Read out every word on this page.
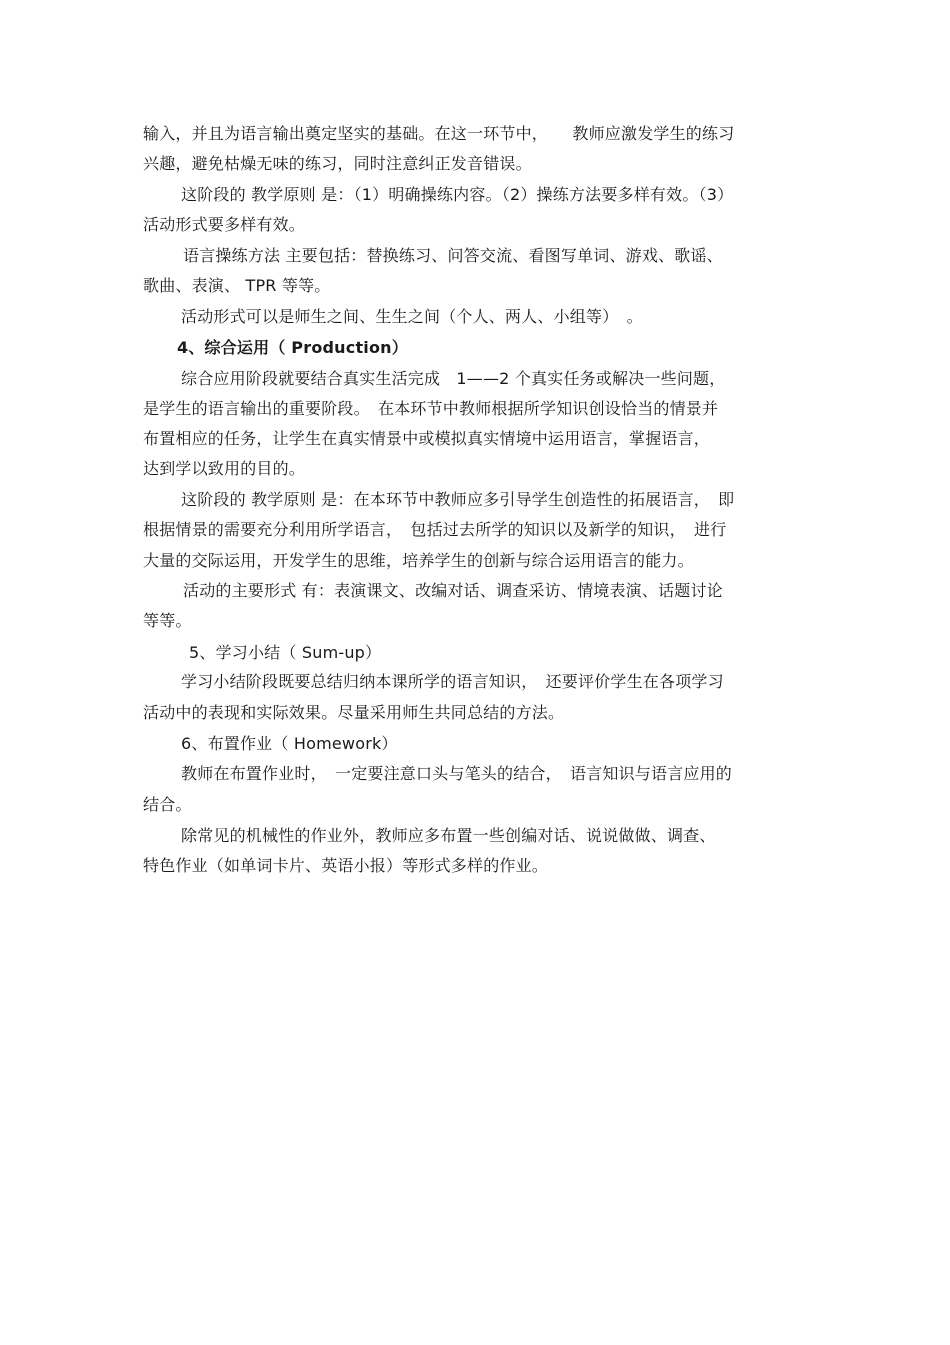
输入，并且为语言输出奠定坚实的基础。在这一环节中，　　教师应激发学生的练习
兴趣，避免枯燥无味的练习，同时注意纠正发音错误。
这阶段的 教学原则 是：（1）明确操练内容。（2）操练方法要多样有效。（3）
活动形式要多样有效。
语言操练方法 主要包括：替换练习、问答交流、看图写单词、游戏、歌谣、
歌曲、表演、 TPR 等等。
活动形式可以是师生之间、生生之间（个人、两人、小组等）　。
4、综合运用（ Production）
综合应用阶段就要结合真实生活完成　1——2 个真实任务或解决一些问题，
是学生的语言输出的重要阶段。　在本环节中教师根据所学知识创设恰当的情景并
布置相应的任务，让学生在真实情景中或模拟真实情境中运用语言，掌握语言，
达到学以致用的目的。
这阶段的 教学原则 是：在本环节中教师应多引导学生创造性的拓展语言，　即
根据情景的需要充分利用所学语言，　包括过去所学的知识以及新学的知识，　进行
大量的交际运用，开发学生的思维，培养学生的创新与综合运用语言的能力。
活动的主要形式 有：表演课文、改编对话、调查采访、情境表演、话题讨论
等等。
5、学习小结（ Sum-up）
学习小结阶段既要总结归纳本课所学的语言知识，　还要评价学生在各项学习
活动中的表现和实际效果。尽量采用师生共同总结的方法。
6、布置作业（ Homework）
教师在布置作业时，　一定要注意口头与笔头的结合，　语言知识与语言应用的
结合。
除常见的机械性的作业外，教师应多布置一些创编对话、说说做做、调查、
特色作业（如单词卡片、英语小报）等形式多样的作业。
